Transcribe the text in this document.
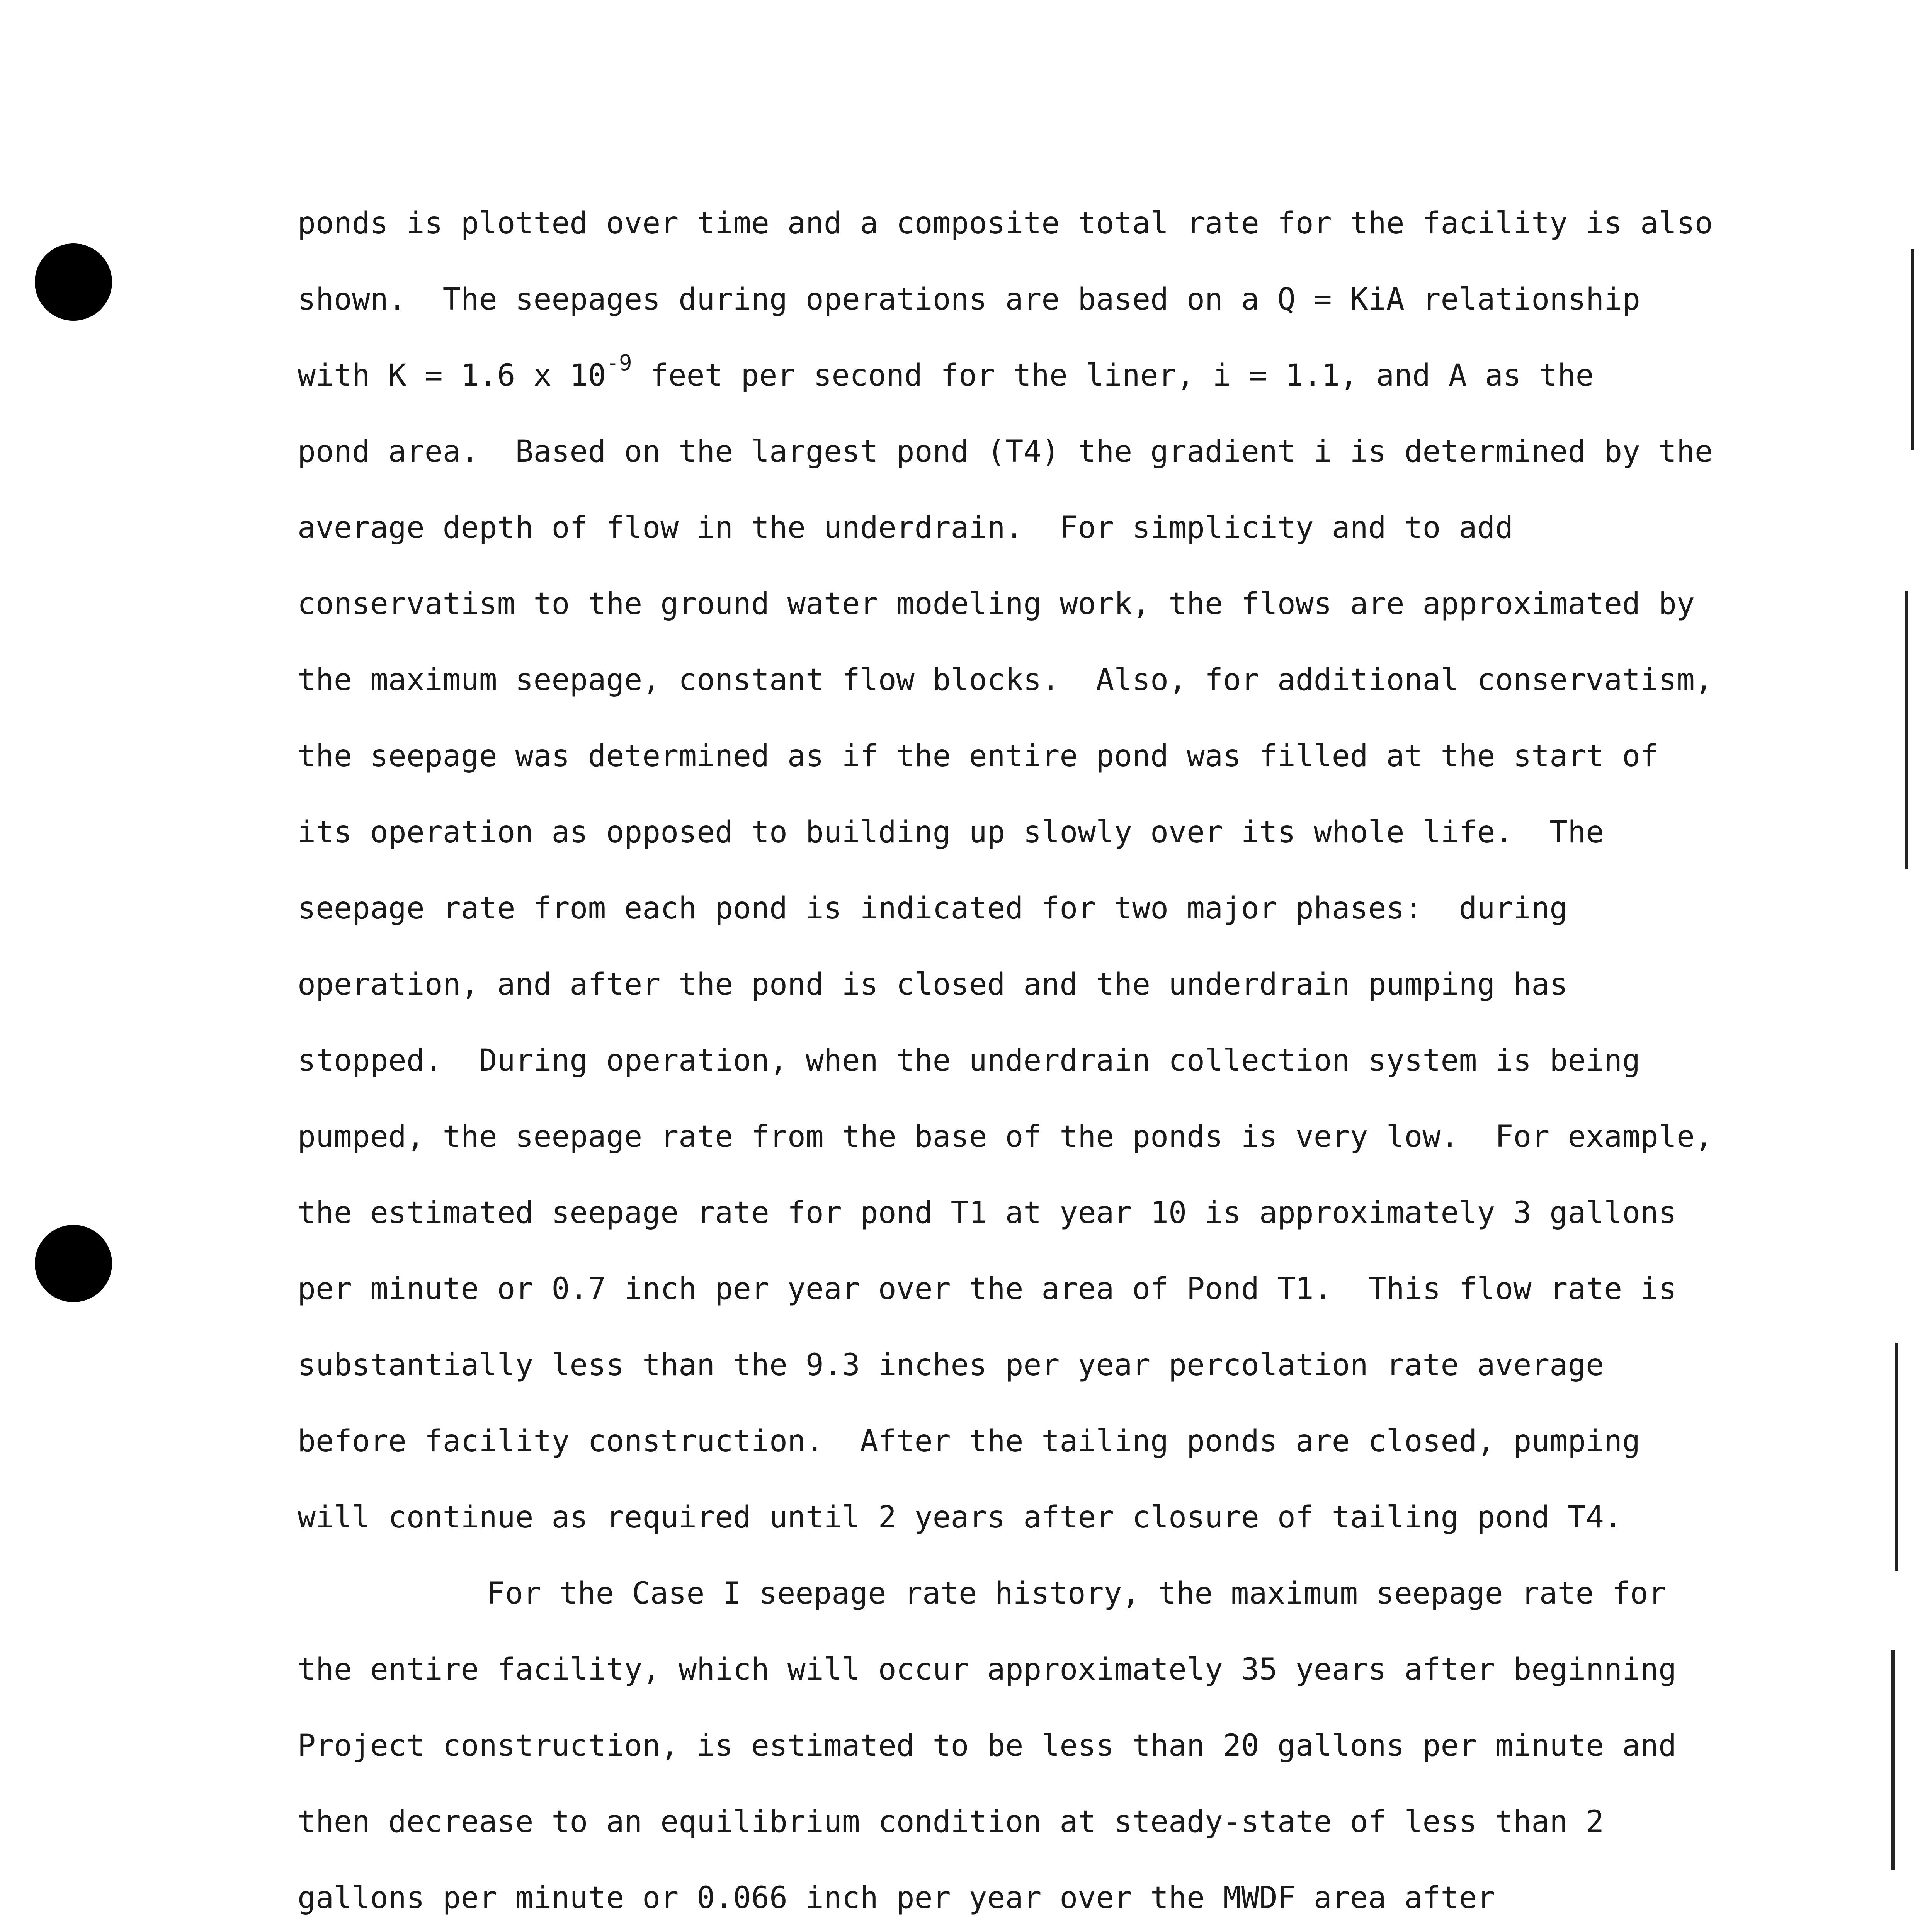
ponds is plotted over time and a composite total rate for the facility is also
shown.  The seepages during operations are based on a Q = KiA relationship
with K = 1.6 x $10^{-9}$ feet per second for the liner, i = 1.1, and A as the
pond area.  Based on the largest pond (T4) the gradient i is determined by the
average depth of flow in the underdrain.  For simplicity and to add
conservatism to the ground water modeling work, the flows are approximated by
the maximum seepage, constant flow blocks.  Also, for additional conservatism,
the seepage was determined as if the entire pond was filled at the start of
its operation as opposed to building up slowly over its whole life.  The
seepage rate from each pond is indicated for two major phases:  during
operation, and after the pond is closed and the underdrain pumping has
stopped.  During operation, when the underdrain collection system is being
pumped, the seepage rate from the base of the ponds is very low.  For example,
the estimated seepage rate for pond T1 at year 10 is approximately 3 gallons
per minute or 0.7 inch per year over the area of Pond T1.  This flow rate is
substantially less than the 9.3 inches per year percolation rate average
before facility construction.  After the tailing ponds are closed, pumping
will continue as required until 2 years after closure of tailing pond T4.
For the Case I seepage rate history, the maximum seepage rate for
the entire facility, which will occur approximately 35 years after beginning
Project construction, is estimated to be less than 20 gallons per minute and
then decrease to an equilibrium condition at steady-state of less than 2
gallons per minute or 0.066 inch per year over the MWDF area after
